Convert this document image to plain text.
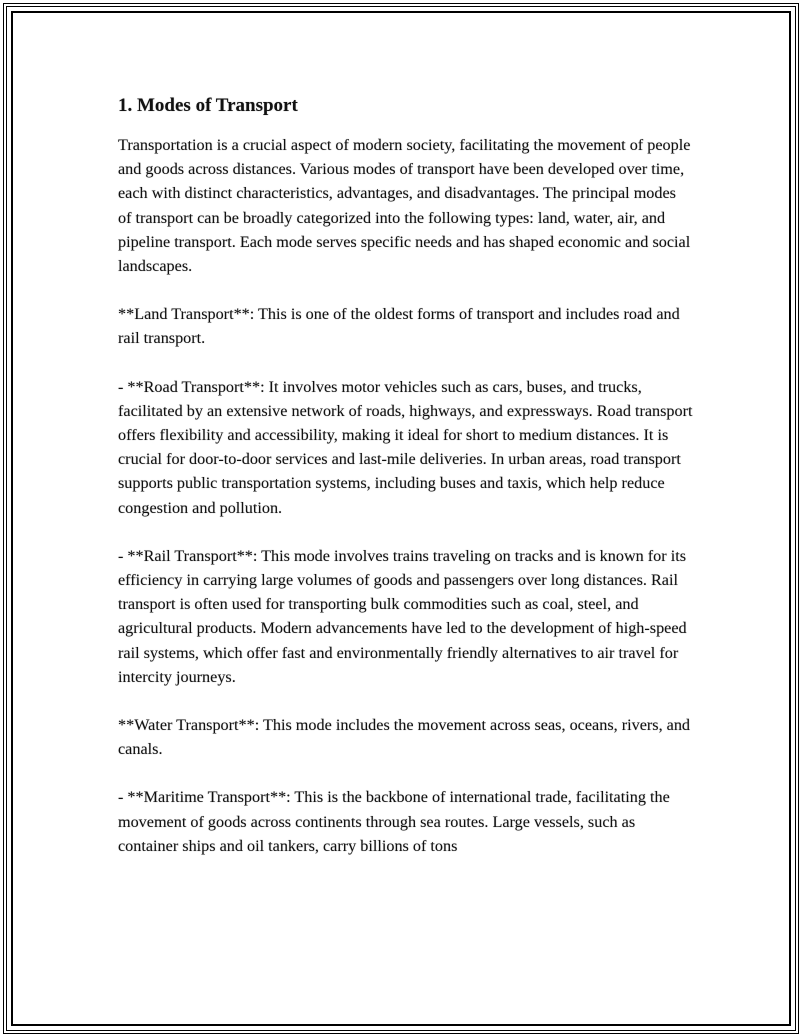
1. Modes of Transport

Transportation is a crucial aspect of modern society, facilitating the movement of people and goods across distances. Various modes of transport have been developed over time, each with distinct characteristics, advantages, and disadvantages. The principal modes of transport can be broadly categorized into the following types: land, water, air, and pipeline transport. Each mode serves specific needs and has shaped economic and social landscapes.

**Land Transport**: This is one of the oldest forms of transport and includes road and rail transport.

- **Road Transport**: It involves motor vehicles such as cars, buses, and trucks, facilitated by an extensive network of roads, highways, and expressways. Road transport offers flexibility and accessibility, making it ideal for short to medium distances. It is crucial for door-to-door services and last-mile deliveries. In urban areas, road transport supports public transportation systems, including buses and taxis, which help reduce congestion and pollution.

- **Rail Transport**: This mode involves trains traveling on tracks and is known for its efficiency in carrying large volumes of goods and passengers over long distances. Rail transport is often used for transporting bulk commodities such as coal, steel, and agricultural products. Modern advancements have led to the development of high-speed rail systems, which offer fast and environmentally friendly alternatives to air travel for intercity journeys.

**Water Transport**: This mode includes the movement across seas, oceans, rivers, and canals.

- **Maritime Transport**: This is the backbone of international trade, facilitating the movement of goods across continents through sea routes. Large vessels, such as container ships and oil tankers, carry billions of tons
